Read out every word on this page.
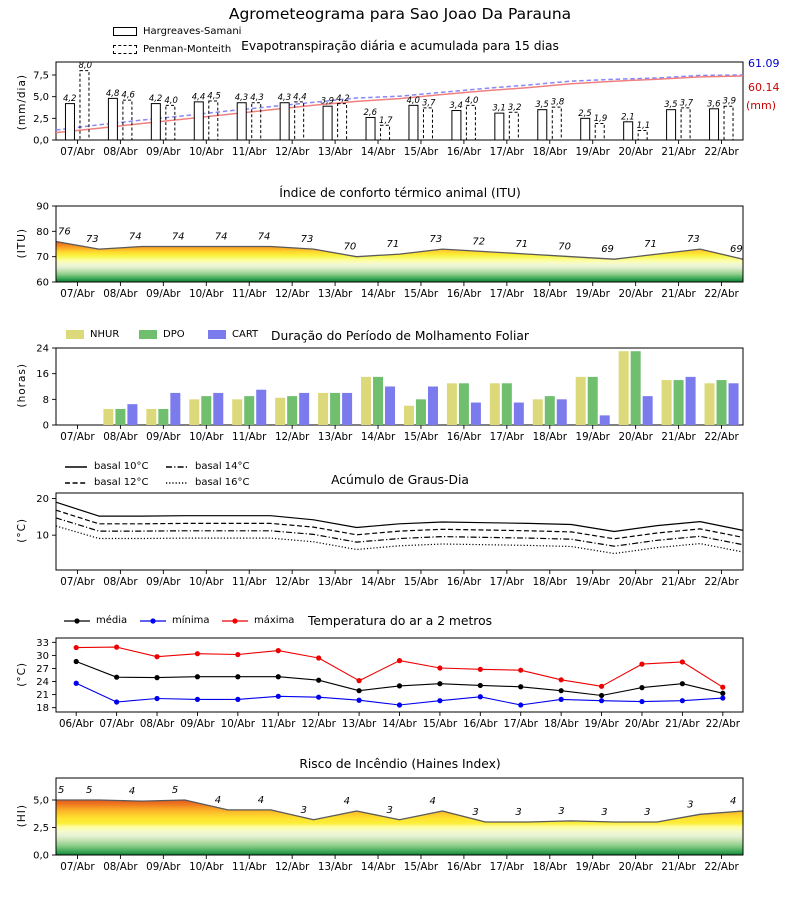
0,0
2,5
5,0
7,5
07/Abr 08/Abr 09/Abr 10/Abr 11/Abr 12/Abr 13/Abr 14/Abr 15/Abr 16/Abr 17/Abr 18/Abr 19/Abr 20/Abr 21/Abr 22/Abr
4,2
8,0
4,8 4,6 4,2 4,0 4,4 4,5 4,3 4,3 4,3 4,4 3,9 4,2
2,6
1,7
4,0 3,7 3,4
4,0
3,1 3,2 3,5 3,8
2,5
1,9 2,1
1,1
3,5 3,7 3,6 3,9
60
70
80
90
07/Abr 08/Abr 09/Abr 10/Abr 11/Abr 12/Abr 13/Abr 14/Abr 15/Abr 16/Abr 17/Abr 18/Abr 19/Abr 20/Abr 21/Abr 22/Abr
76
73	74	74	74	74	73
70	71	73	72	71	70	69	71	73
69
0,0
2,5
5,0
07/Abr 08/Abr 09/Abr 10/Abr 11/Abr 12/Abr 13/Abr 14/Abr 15/Abr 16/Abr 17/Abr 18/Abr 19/Abr 20/Abr 21/Abr 22/Abr
5 5	4	5
4	4
3
4
3
4
3	3	3	3	3
3	4
0
8
16
24
07/Abr 08/Abr 09/Abr 10/Abr 11/Abr 12/Abr 13/Abr 14/Abr 15/Abr 16/Abr 17/Abr 18/Abr 19/Abr 20/Abr 21/Abr 22/Abr
10
20
07/Abr 08/Abr 09/Abr 10/Abr 11/Abr 12/Abr 13/Abr 14/Abr 15/Abr 16/Abr 17/Abr 18/Abr 19/Abr 20/Abr 21/Abr 22/Abr
18
21
24
27
30
33
06/Abr 07/Abr 08/Abr 09/Abr 10/Abr 11/Abr 12/Abr 13/Abr 14/Abr 15/Abr 16/Abr 17/Abr 18/Abr 19/Abr 20/Abr 21/Abr 22/Abr
Agrometeograma para Sao Joao Da Parauna
Hargreaves-Samani
Penman-Monteith Evapotranspiração diária e acumulada para 15 dias
61.09
60.14
(mm)
(mm/dia)
Índice de conforto térmico animal (ITU)
(ITU)
NHUR	DPO	CART	Duração do Período de Molhamento Foliar
(horas)
basal 10°C
basal 12°C
basal 14°C
basal 16°C	Acúmulo de Graus-Dia
(°C)
média	mínima	máxima	Temperatura do ar a 2 metros
(°C)
Risco de Incêndio (Haines Index)
(HI)
